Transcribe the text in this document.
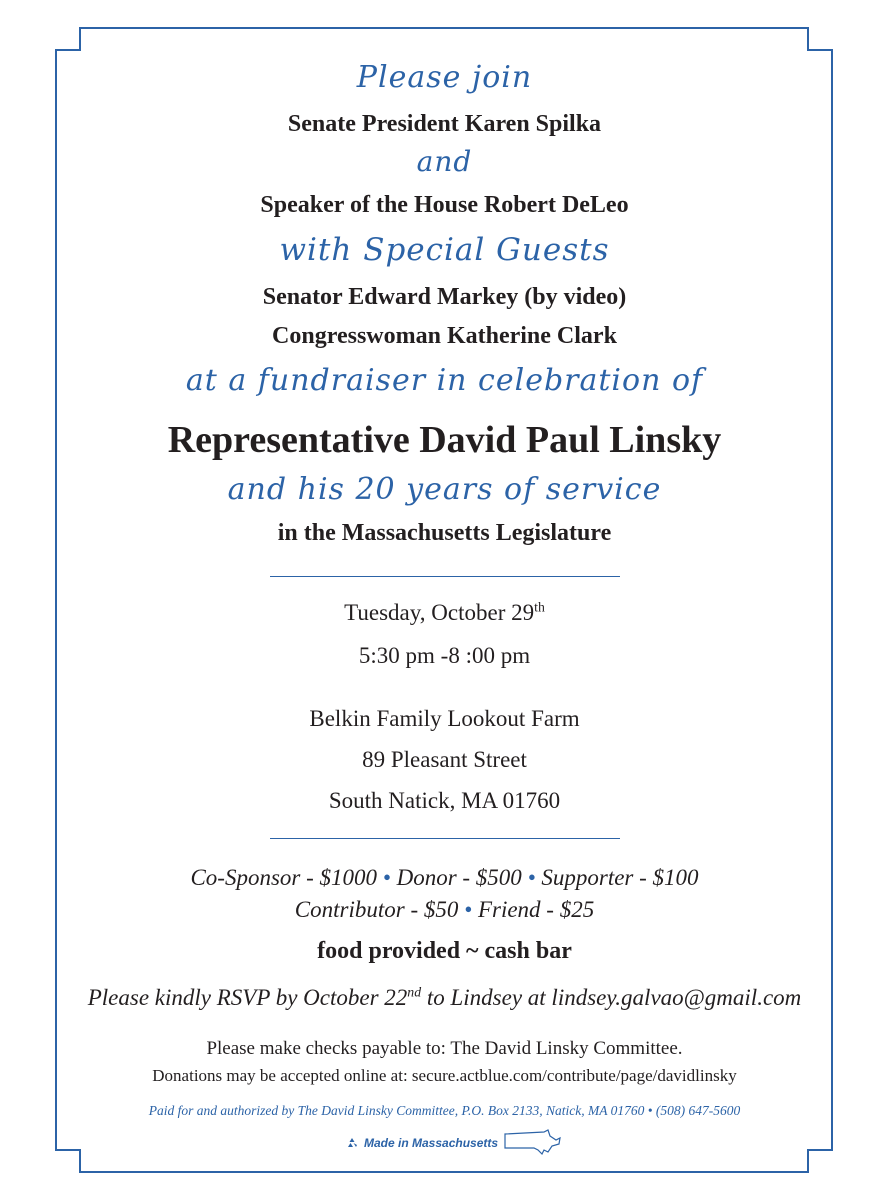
Please join
Senate President Karen Spilka
and
Speaker of the House Robert DeLeo
with Special Guests
Senator Edward Markey (by video)
Congresswoman Katherine Clark
at a fundraiser in celebration of
Representative David Paul Linsky
and his 20 years of service
in the Massachusetts Legislature
Tuesday, October 29th
5:30 pm -8 :00 pm
Belkin Family Lookout Farm
89 Pleasant Street
South Natick, MA 01760
Co-Sponsor - $1000 • Donor - $500 • Supporter - $100
Contributor - $50 • Friend - $25
food provided ~ cash bar
Please kindly RSVP by October 22nd to Lindsey at lindsey.galvao@gmail.com
Please make checks payable to: The David Linsky Committee.
Donations may be accepted online at: secure.actblue.com/contribute/page/davidlinsky
Paid for and authorized by The David Linsky Committee, P.O. Box 2133, Natick, MA 01760 • (508) 647-5600
Made in Massachusetts
